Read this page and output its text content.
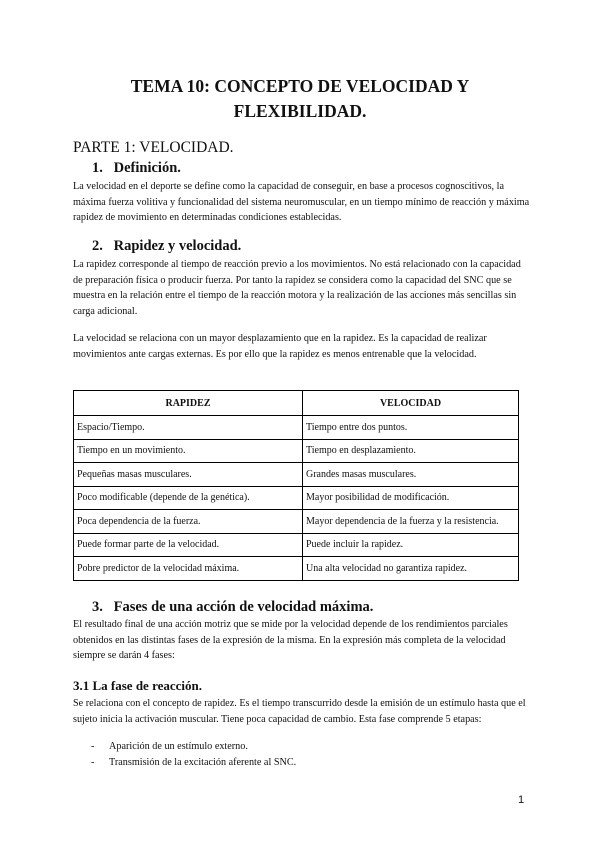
TEMA 10: CONCEPTO DE VELOCIDAD Y
FLEXIBILIDAD.
PARTE 1: VELOCIDAD.
1. Definición.
La velocidad en el deporte se define como la capacidad de conseguir, en base a procesos cognoscitivos, la máxima fuerza volitiva y funcionalidad del sistema neuromuscular, en un tiempo mínimo de reacción y máxima rapidez de movimiento en determinadas condiciones establecidas.
2. Rapidez y velocidad.
La rapidez corresponde al tiempo de reacción previo a los movimientos. No está relacionado con la capacidad de preparación física o producir fuerza. Por tanto la rapidez se considera como la capacidad del SNC que se muestra en la relación entre el tiempo de la reacción motora y la realización de las acciones más sencillas sin carga adicional.
La velocidad se relaciona con un mayor desplazamiento que en la rapidez. Es la capacidad de realizar movimientos ante cargas externas. Es por ello que la rapidez es menos entrenable que la velocidad.
RAPIDEZ	VELOCIDAD
Espacio/Tiempo.	Tiempo entre dos puntos.
Tiempo en un movimiento.	Tiempo en desplazamiento.
Pequeñas masas musculares.	Grandes masas musculares.
Poco modificable (depende de la genética).	Mayor posibilidad de modificación.
Poca dependencia de la fuerza.	Mayor dependencia de la fuerza y la resistencia.
Puede formar parte de la velocidad.	Puede incluir la rapidez.
Pobre predictor de la velocidad máxima.	Una alta velocidad no garantiza rapidez.
3. Fases de una acción de velocidad máxima.
El resultado final de una acción motriz que se mide por la velocidad depende de los rendimientos parciales obtenidos en las distintas fases de la expresión de la misma. En la expresión más completa de la velocidad siempre se darán 4 fases:
3.1 La fase de reacción.
Se relaciona con el concepto de rapidez. Es el tiempo transcurrido desde la emisión de un estímulo hasta que el sujeto inicia la activación muscular. Tiene poca capacidad de cambio. Esta fase comprende 5 etapas:
-	Aparición de un estímulo externo.
-	Transmisión de la excitación aferente al SNC.
1
